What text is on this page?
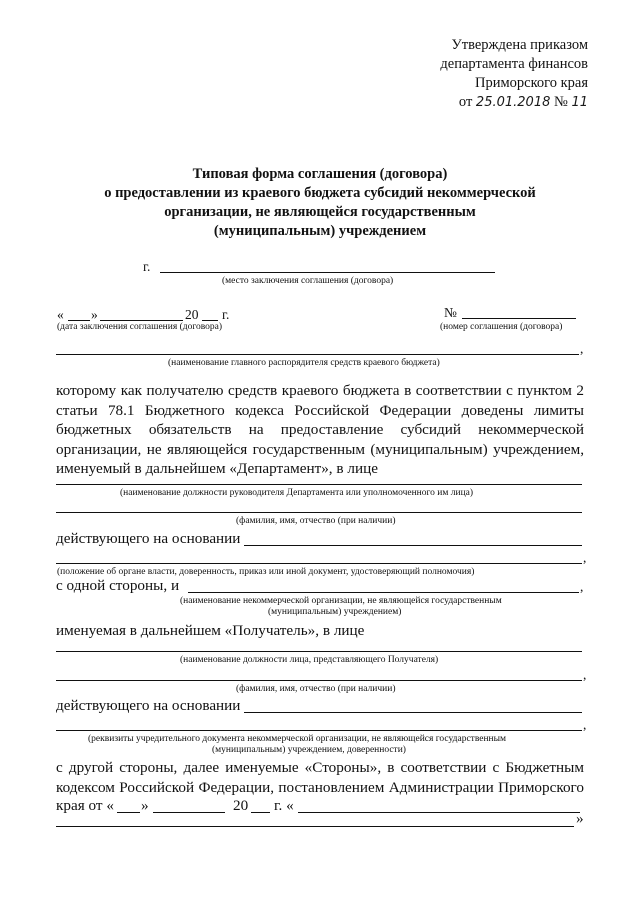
Утверждена приказом
департамента финансов
Приморского края
от 25.01.2018 № 11
Типовая форма соглашения (договора)
о предоставлении из краевого бюджета субсидий некоммерческой
организации, не являющейся государственным
(муниципальным) учреждением
г.
(место заключения соглашения (договора)
« »	20 г.
(дата заключения соглашения (договора)
№
(номер соглашения (договора)
,
(наименование главного распорядителя средств краевого бюджета)
которому как получателю средств краевого бюджета в соответствии с пунктом 2 статьи 78.1 Бюджетного кодекса Российской Федерации доведены лимиты бюджетных обязательств на предоставление субсидий некоммерческой организации, не являющейся государственным (муниципальным) учреждением, именуемый в дальнейшем «Департамент», в лице
(наименование должности руководителя Департамента или уполномоченного им лица)
(фамилия, имя, отчество (при наличии)
действующего на основании
,
(положение об органе власти, доверенность, приказ или иной документ, удостоверяющий полномочия)
с одной стороны, и	,
(наименование некоммерческой организации, не являющейся государственным
(муниципальным) учреждением)
именуемая в дальнейшем «Получатель», в лице
(наименование должности лица, представляющего Получателя)
,
(фамилия, имя, отчество (при наличии)
действующего на основании
,
(реквизиты учредительного документа некоммерческой организации, не являющейся государственным
(муниципальным) учреждением, доверенности)
с другой стороны, далее именуемые «Стороны», в соответствии с Бюджетным
кодексом Российской Федерации, постановлением Администрации Приморского
края от « »	20 г. «
»
